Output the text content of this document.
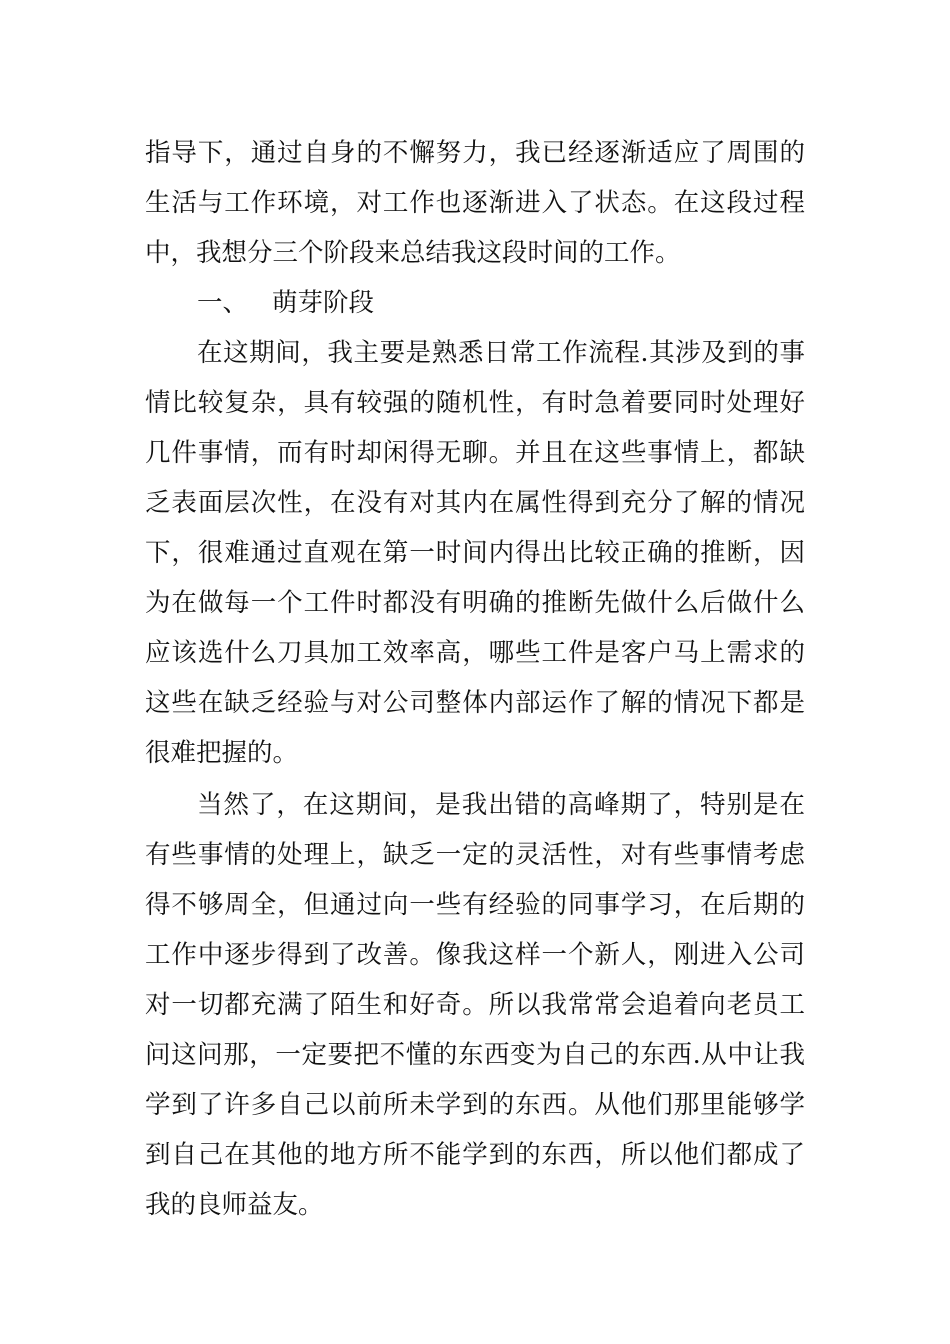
指导下，通过自身的不懈努力，我已经逐渐适应了周围的
生活与工作环境，对工作也逐渐进入了状态。在这段过程
中，我想分三个阶段来总结我这段时间的工作。
一、 萌芽阶段
在这期间，我主要是熟悉日常工作流程.其涉及到的事
情比较复杂，具有较强的随机性，有时急着要同时处理好
几件事情，而有时却闲得无聊。并且在这些事情上，都缺
乏表面层次性，在没有对其内在属性得到充分了解的情况
下，很难通过直观在第一时间内得出比较正确的推断，因
为在做每一个工件时都没有明确的推断先做什么后做什么
应该选什么刀具加工效率高，哪些工件是客户马上需求的
这些在缺乏经验与对公司整体内部运作了解的情况下都是
很难把握的。
当然了，在这期间，是我出错的高峰期了，特别是在
有些事情的处理上，缺乏一定的灵活性，对有些事情考虑
得不够周全，但通过向一些有经验的同事学习，在后期的
工作中逐步得到了改善。像我这样一个新人，刚进入公司
对一切都充满了陌生和好奇。所以我常常会追着向老员工
问这问那，一定要把不懂的东西变为自己的东西.从中让我
学到了许多自己以前所未学到的东西。从他们那里能够学
到自己在其他的地方所不能学到的东西，所以他们都成了
我的良师益友。
